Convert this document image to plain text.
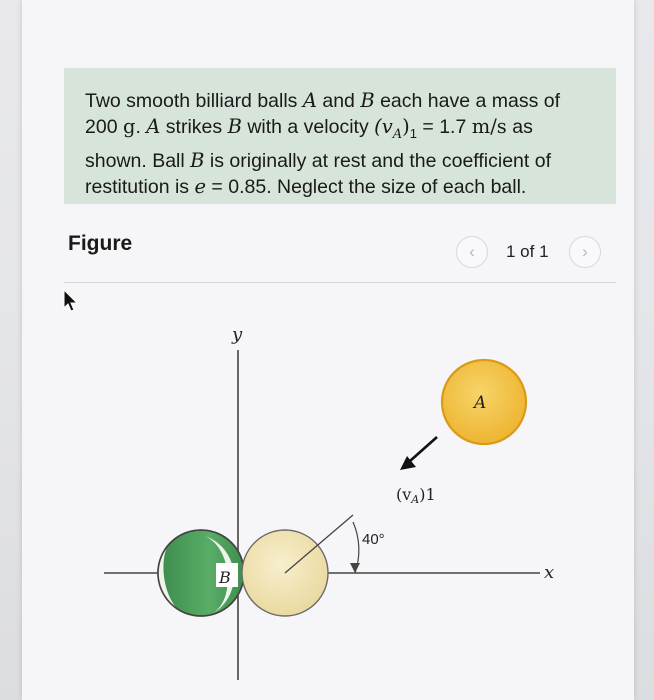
Two smooth billiard balls A and B each have a mass of
200 g. A strikes B with a velocity $(v_A)_1 = 1.7$ m/s as
shown. Ball B is originally at rest and the coefficient of
restitution is e = 0.85. Neglect the size of each ball.
Figure	‹ 1 of 1 ›
y
x
B
40°
(vA)1
A
